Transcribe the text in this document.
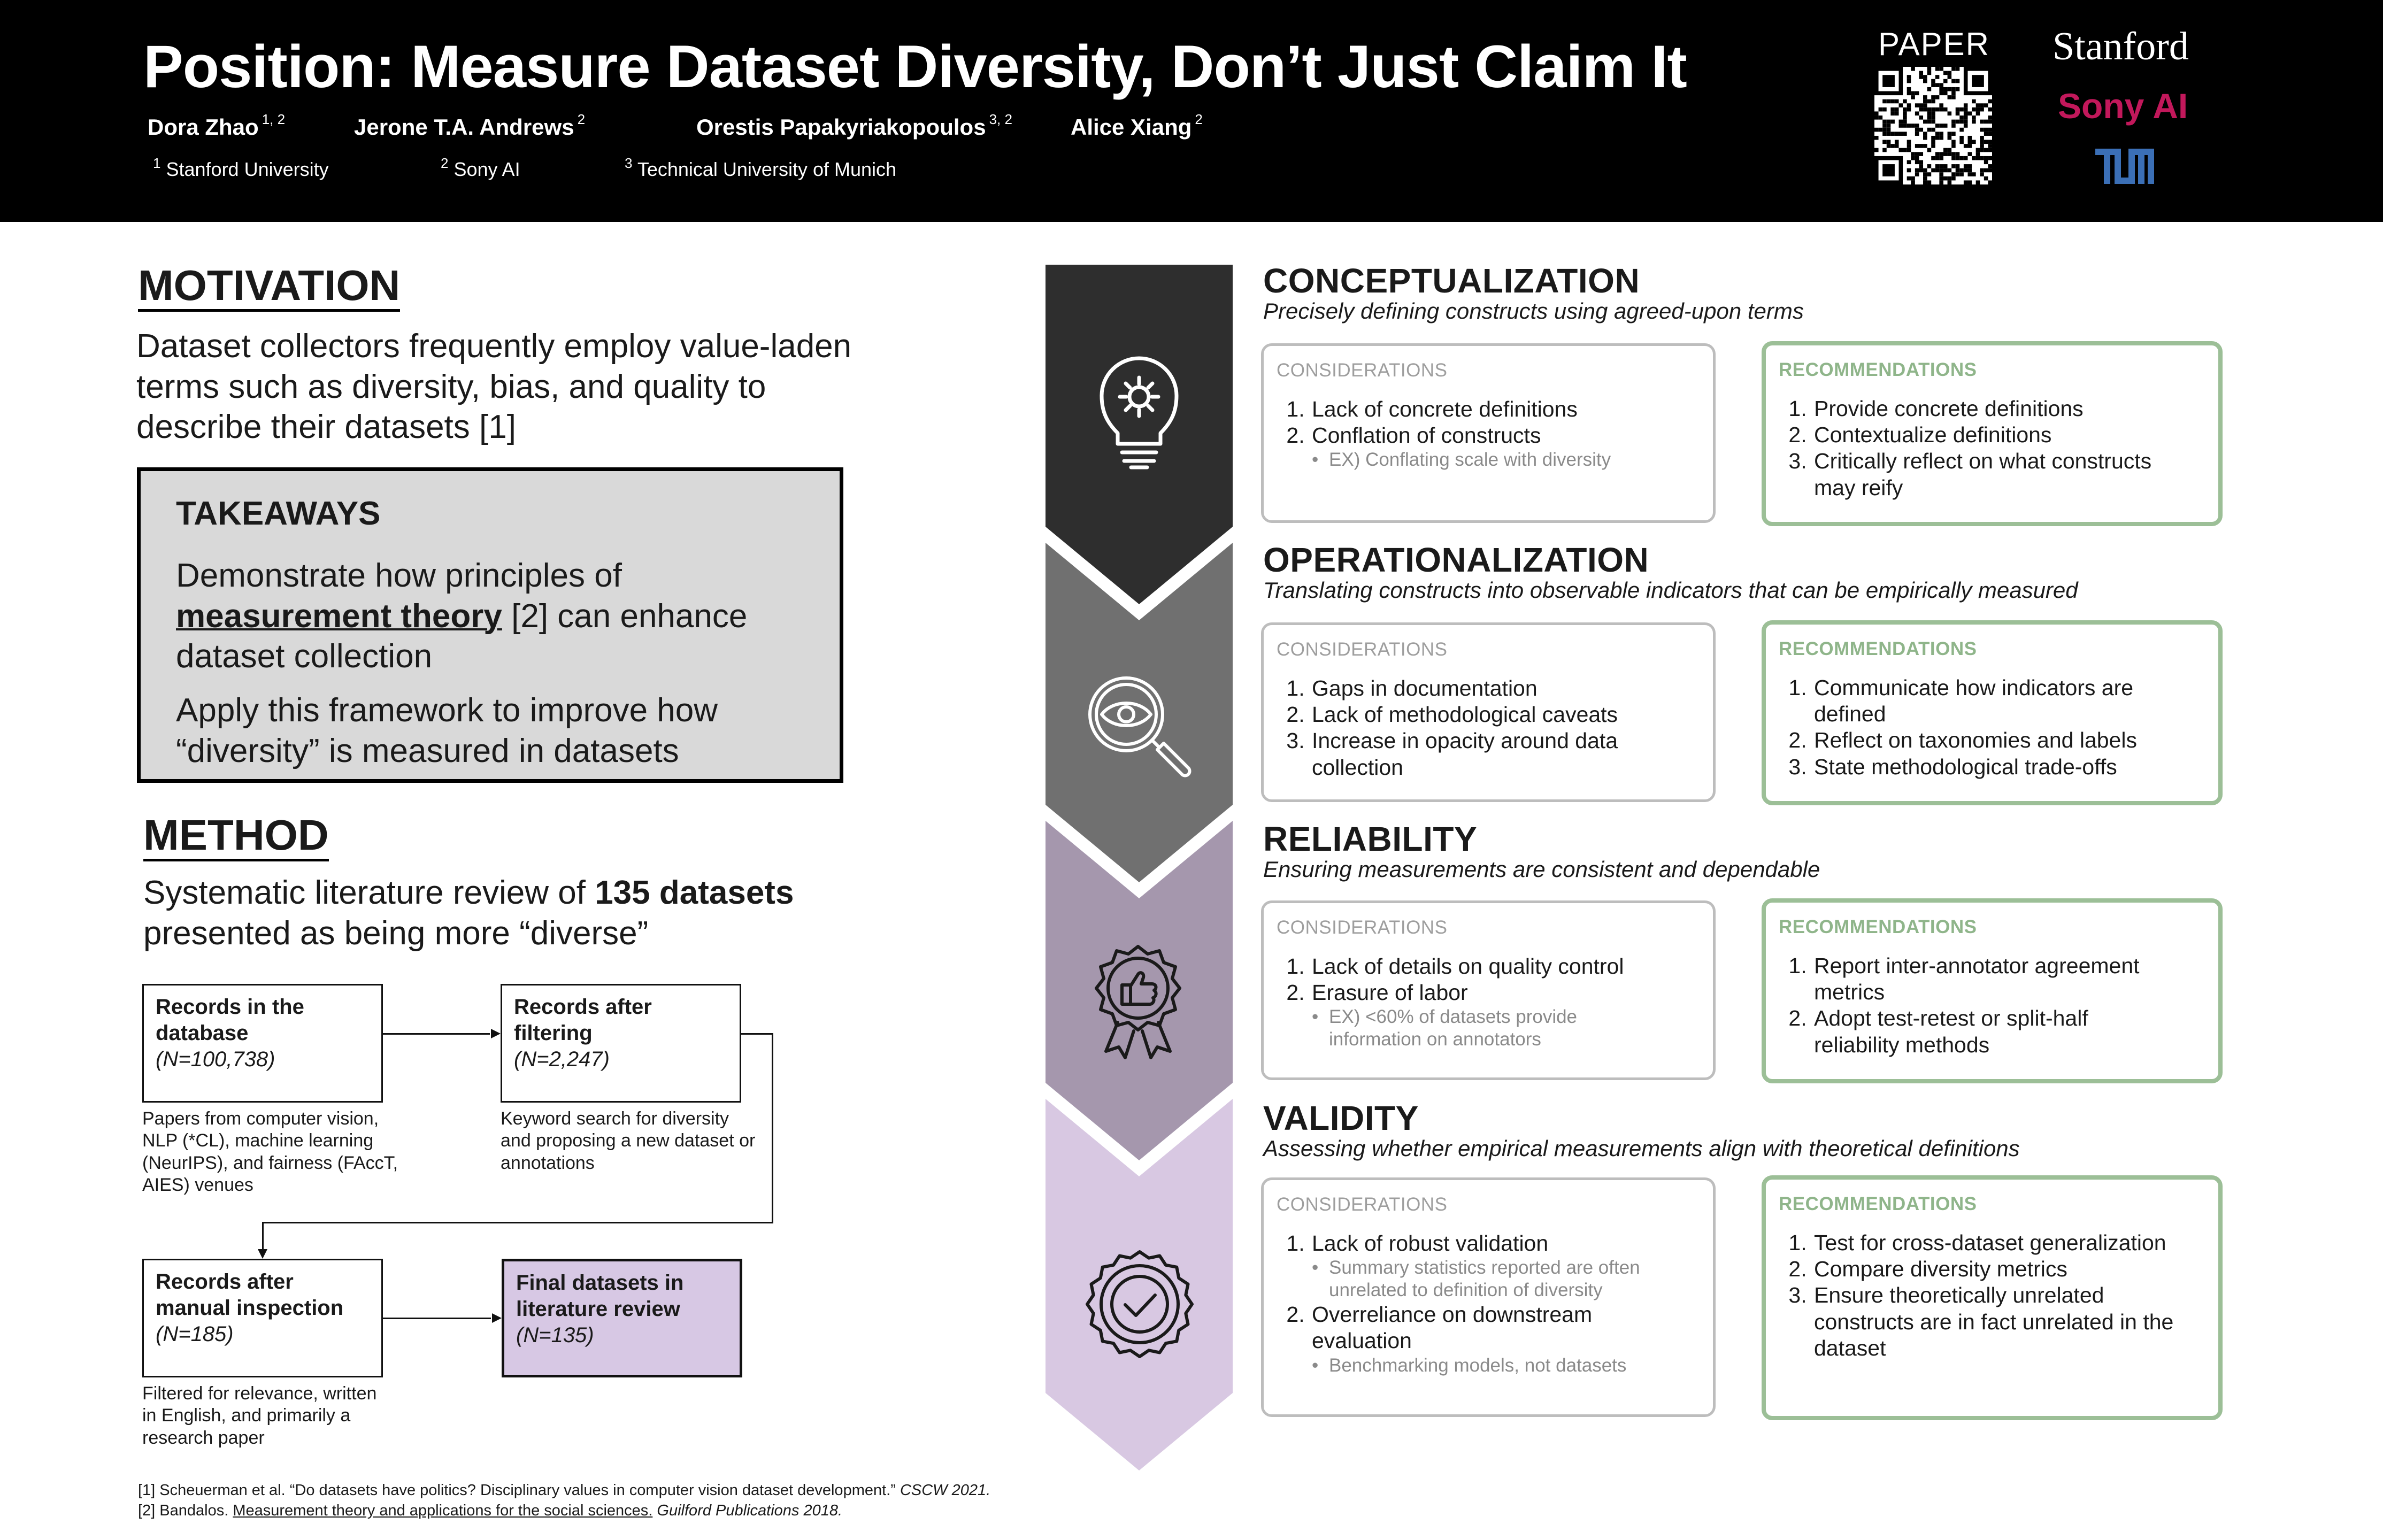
Position: Measure Dataset Diversity, Don’t Just Claim It
Dora Zhao $^{1, 2}$	Jerone T.A. Andrews $^2$	Orestis Papakyriakopoulos $^{3, 2}$	Alice Xiang $^2$
$^1$ Stanford University	$^2$ Sony AI	$^3$ Technical University of Munich
PAPER Stanford
Sony AI
MOTIVATION
Dataset collectors frequently employ value-laden terms such as diversity, bias, and quality to describe their datasets [1]
TAKEAWAYS
Demonstrate how principles of measurement theory [2] can enhance dataset collection
Apply this framework to improve how “diversity” is measured in datasets
METHOD
Systematic literature review of 135 datasets presented as being more “diverse”
Records in the database
(N=100,738)
Papers from computer vision, NLP (*CL), machine learning (NeurIPS), and fairness (FAccT, AIES) venues
Records after filtering
(N=2,247)
Keyword search for diversity and proposing a new dataset or annotations
Records after manual inspection
(N=185)
Filtered for relevance, written in English, and primarily a research paper
Final datasets in literature review
(N=135)
[1] Scheuerman et al. “Do datasets have politics? Disciplinary values in computer vision dataset development.” CSCW 2021.
[2] Bandalos. Measurement theory and applications for the social sciences. Guilford Publications 2018.
CONCEPTUALIZATION
Precisely defining constructs using agreed-upon terms
OPERATIONALIZATION
Translating constructs into observable indicators that can be empirically measured
RELIABILITY
Ensuring measurements are consistent and dependable
VALIDITY
Assessing whether empirical measurements align with theoretical definitions
CONSIDERATIONS
1. Lack of concrete definitions
2. Conflation of constructs
• EX) Conflating scale with diversity
RECOMMENDATIONS
1. Provide concrete definitions
2. Contextualize definitions
3. Critically reflect on what constructs may reify
CONSIDERATIONS
1. Gaps in documentation
2. Lack of methodological caveats
3. Increase in opacity around data collection
RECOMMENDATIONS
1. Communicate how indicators are defined
2. Reflect on taxonomies and labels
3. State methodological trade-offs
CONSIDERATIONS
1. Lack of details on quality control
2. Erasure of labor
• EX) <60% of datasets provide information on annotators
RECOMMENDATIONS
1. Report inter-annotator agreement metrics
2. Adopt test-retest or split-half reliability methods
CONSIDERATIONS
1. Lack of robust validation
• Summary statistics reported are often unrelated to definition of diversity
2. Overreliance on downstream evaluation
• Benchmarking models, not datasets
RECOMMENDATIONS
1. Test for cross-dataset generalization
2. Compare diversity metrics
3. Ensure theoretically unrelated constructs are in fact unrelated in the dataset
